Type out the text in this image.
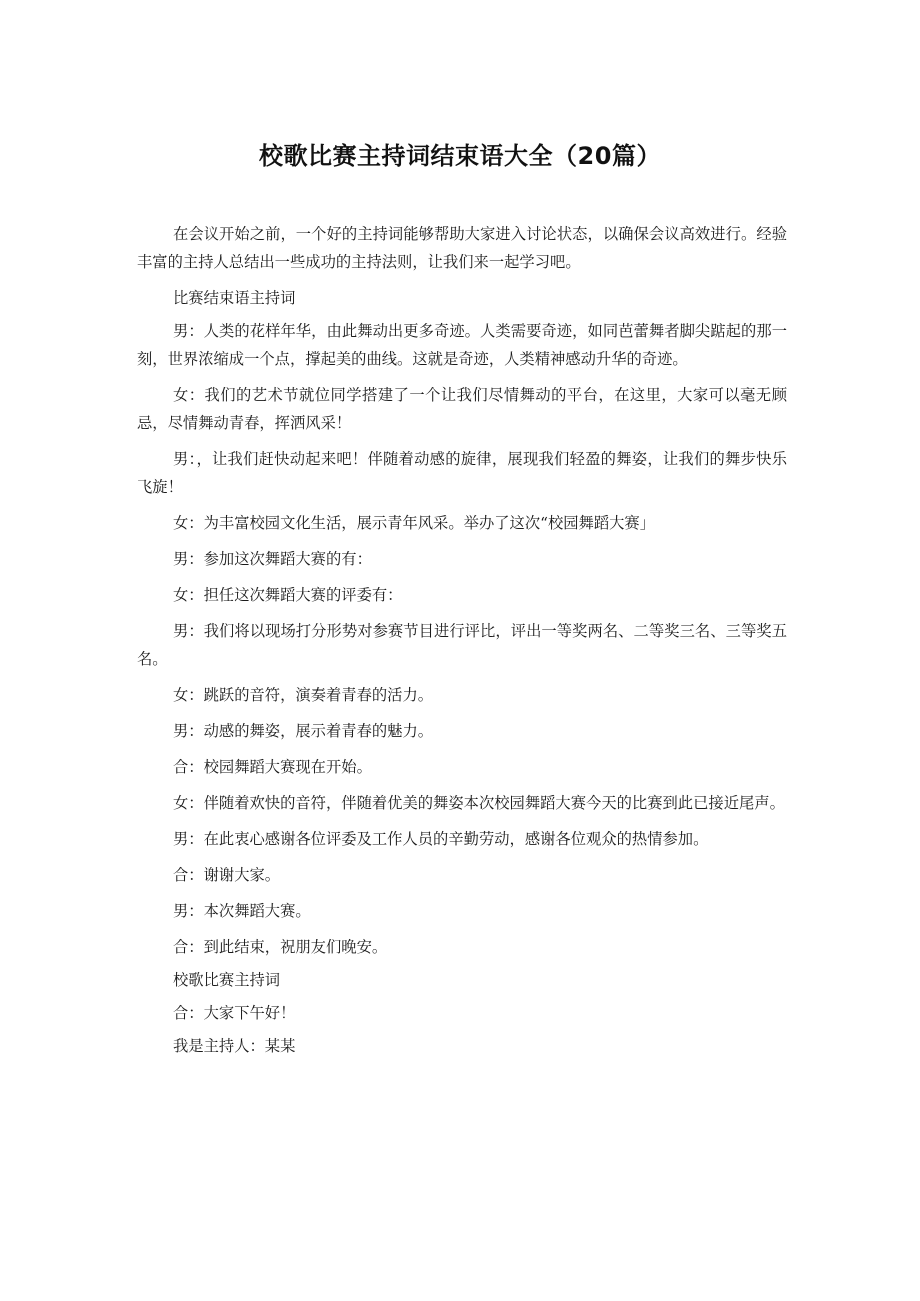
校歌比赛主持词结束语大全（20篇）

在会议开始之前，一个好的主持词能够帮助大家进入讨论状态，以确保会议高效进行。经验丰富的主持人总结出一些成功的主持法则，让我们来一起学习吧。

比赛结束语主持词

男：人类的花样年华，由此舞动出更多奇迹。人类需要奇迹，如同芭蕾舞者脚尖踮起的那一刻，世界浓缩成一个点，撑起美的曲线。这就是奇迹，人类精神感动升华的奇迹。

女：我们的艺术节就位同学搭建了一个让我们尽情舞动的平台，在这里，大家可以毫无顾忌，尽情舞动青春，挥洒风采！

男：，让我们赶快动起来吧！伴随着动感的旋律，展现我们轻盈的舞姿，让我们的舞步快乐飞旋！

女：为丰富校园文化生活，展示青年风采。举办了这次“校园舞蹈大赛」

男：参加这次舞蹈大赛的有：

女：担任这次舞蹈大赛的评委有：

男：我们将以现场打分形势对参赛节目进行评比，评出一等奖两名、二等奖三名、三等奖五名。

女：跳跃的音符，演奏着青春的活力。

男：动感的舞姿，展示着青春的魅力。

合：校园舞蹈大赛现在开始。

女：伴随着欢快的音符，伴随着优美的舞姿本次校园舞蹈大赛今天的比赛到此已接近尾声。

男：在此衷心感谢各位评委及工作人员的辛勤劳动，感谢各位观众的热情参加。

合：谢谢大家。

男：本次舞蹈大赛。

合：到此结束，祝朋友们晚安。

校歌比赛主持词

合：大家下午好！

我是主持人：某某
